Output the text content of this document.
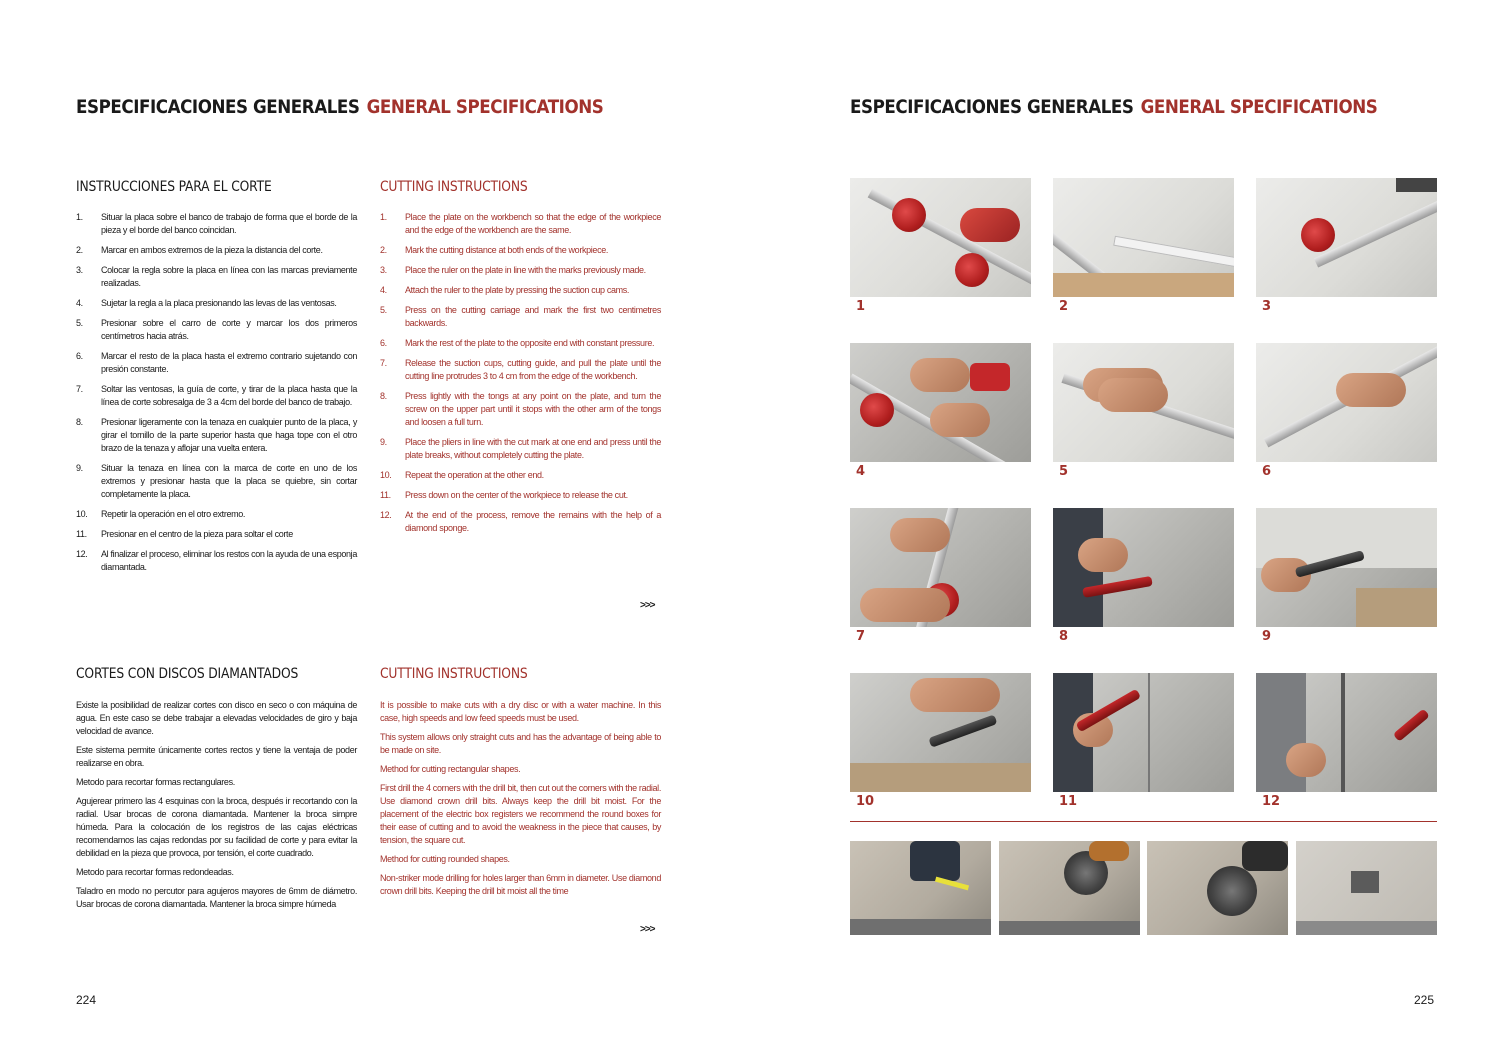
ESPECIFICACIONES GENERALES GENERAL SPECIFICATIONS
INSTRUCCIONES PARA EL CORTE	CUTTING INSTRUCTIONS
1.	Situar la placa sobre el banco de trabajo de forma que el borde de la pieza y el borde del banco coincidan.
2.	Marcar en ambos extremos de la pieza la distancia del corte.
3.	Colocar la regla sobre la placa en línea con las marcas previamente realizadas.
4.	Sujetar la regla a la placa presionando las levas de las ventosas.
5.	Presionar sobre el carro de corte y marcar los dos primeros centímetros hacia atrás.
6.	Marcar el resto de la placa hasta el extremo contrario sujetando con presión constante.
7.	Soltar las ventosas, la guía de corte, y tirar de la placa hasta que la línea de corte sobresalga de 3 a 4cm del borde del banco de trabajo.
8.	Presionar ligeramente con la tenaza en cualquier punto de la placa, y girar el tornillo de la parte superior hasta que haga tope con el otro brazo de la tenaza y aflojar una vuelta entera.
9.	Situar la tenaza en línea con la marca de corte en uno de los extremos y presionar hasta que la placa se quiebre, sin cortar completamente la placa.
10.	Repetir la operación en el otro extremo.
11.	Presionar en el centro de la pieza para soltar el corte
12.	Al finalizar el proceso, eliminar los restos con la ayuda de una esponja diamantada.
1.	Place the plate on the workbench so that the edge of the workpiece and the edge of the workbench are the same.
2.	Mark the cutting distance at both ends of the workpiece.
3.	Place the ruler on the plate in line with the marks previously made.
4.	Attach the ruler to the plate by pressing the suction cup cams.
5.	Press on the cutting carriage and mark the first two centimetres backwards.
6.	Mark the rest of the plate to the opposite end with constant pressure.
7.	Release the suction cups, cutting guide, and pull the plate until the cutting line protrudes 3 to 4 cm from the edge of the workbench.
8.	Press lightly with the tongs at any point on the plate, and turn the screw on the upper part until it stops with the other arm of the tongs and loosen a full turn.
9.	Place the pliers in line with the cut mark at one end and press until the plate breaks, without completely cutting the plate.
10.	Repeat the operation at the other end.
11.	Press down on the center of the workpiece to release the cut.
12.	At the end of the process, remove the remains with the help of a diamond sponge.
>>>
CORTES CON DISCOS DIAMANTADOS	CUTTING INSTRUCTIONS

Existe la posibilidad de realizar cortes con disco en seco o con máquina de agua. En este caso se debe trabajar a elevadas velocidades de giro y baja velocidad de avance.

Este sistema permite únicamente cortes rectos y tiene la ventaja de poder realizarse en obra.

Metodo para recortar formas rectangulares.

Agujerear primero las 4 esquinas con la broca, después ir recortando con la radial. Usar brocas de corona diamantada. Mantener la broca simpre húmeda. Para la colocación de los registros de las cajas eléctricas recomendamos las cajas redondas por su facilidad de corte y para evitar la debilidad en la pieza que provoca, por tensión, el corte cuadrado.

Metodo para recortar formas redondeadas.

Taladro en modo no percutor para agujeros mayores de 6mm de diámetro. Usar brocas de corona diamantada. Mantener la broca simpre húmeda

It is possible to make cuts with a dry disc or with a water machine. In this case, high speeds and low feed speeds must be used.

This system allows only straight cuts and has the advantage of being able to be made on site.

Method for cutting rectangular shapes.

First drill the 4 corners with the drill bit, then cut out the corners with the radial. Use diamond crown drill bits. Always keep the drill bit moist. For the placement of the electric box registers we recommend the round boxes for their ease of cutting and to avoid the weakness in the piece that causes, by tension, the square cut.

Method for cutting rounded shapes.

Non-striker mode drilling for holes larger than 6mm in diameter. Use diamond crown drill bits. Keeping the drill bit moist all the time

>>>
224
ESPECIFICACIONES GENERALES GENERAL SPECIFICATIONS
1	2	3
4	5	6
7	8	9
10	11	12
225
